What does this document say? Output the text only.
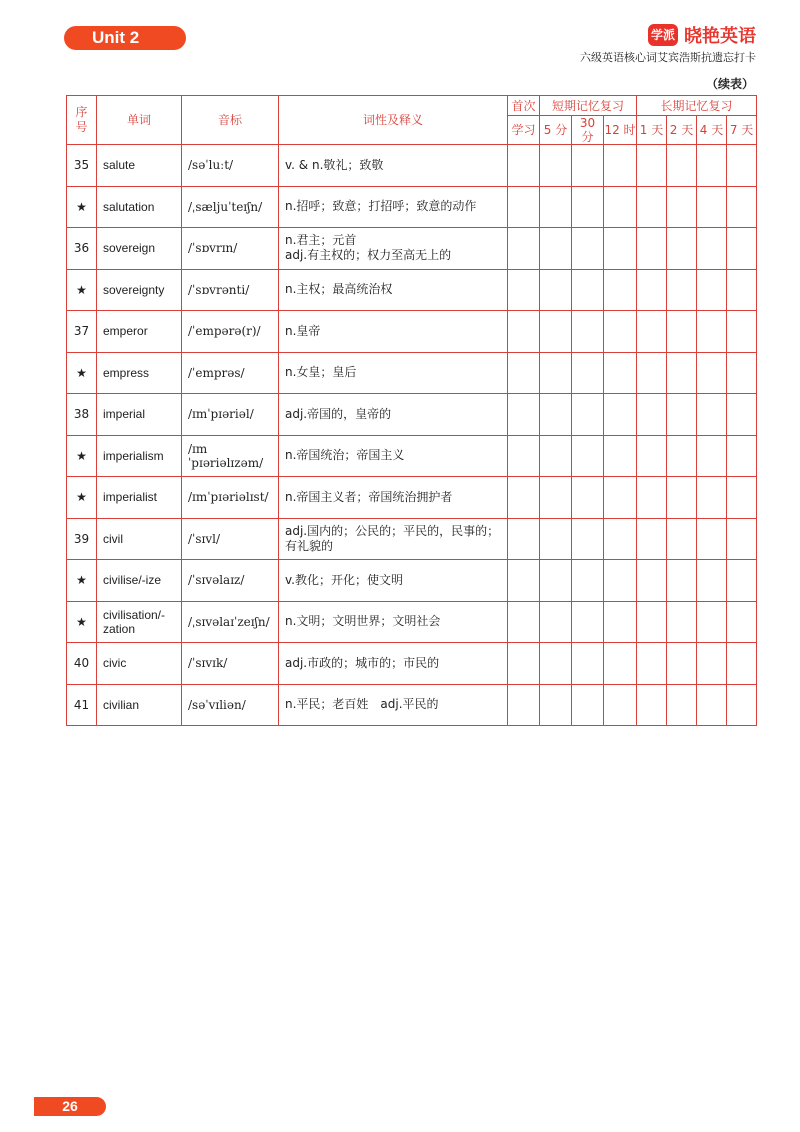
Unit 2	学派 晓艳英语
六级英语核心词艾宾浩斯抗遗忘打卡
（续表）
序号	单词	音标	词性及释义	首次	短期记忆复习			长期记忆复习			
				学习	5 分	30 分	12 时	1 天	2 天	4 天	7 天
35	salute	/səˈluːt/	v. & n.敬礼；致敬								

★	salutation	/ˌsæljuˈteɪʃn/	n.招呼；致意；打招呼；致意的动作								

36	sovereign	/ˈsɒvrɪn/	n.君主；元首
adj.有主权的；权力至高无上的								

★	sovereignty	/ˈsɒvrənti/	n.主权；最高统治权								

37	emperor	/ˈempərə(r)/	n.皇帝								

★	empress	/ˈemprəs/	n.女皇；皇后								

38	imperial	/ɪmˈpɪəriəl/	adj.帝国的，皇帝的								

★	imperialism	/ɪmˈpɪəriəlɪzəm/	n.帝国统治；帝国主义								

★	imperialist	/ɪmˈpɪəriəlɪst/	n.帝国主义者；帝国统治拥护者								

39	civil	/ˈsɪvl/	adj.国内的；公民的；平民的，民事的；
有礼貌的								

★	civilise/-ize	/ˈsɪvəlaɪz/	v.教化；开化；使文明								

★	civilisation/-zation	/ˌsɪvəlaɪˈzeɪʃn/	n.文明；文明世界；文明社会								

40	civic	/ˈsɪvɪk/	adj.市政的；城市的；市民的								

41	civilian	/səˈvɪliən/	n.平民；老百姓　adj.平民的								

26
